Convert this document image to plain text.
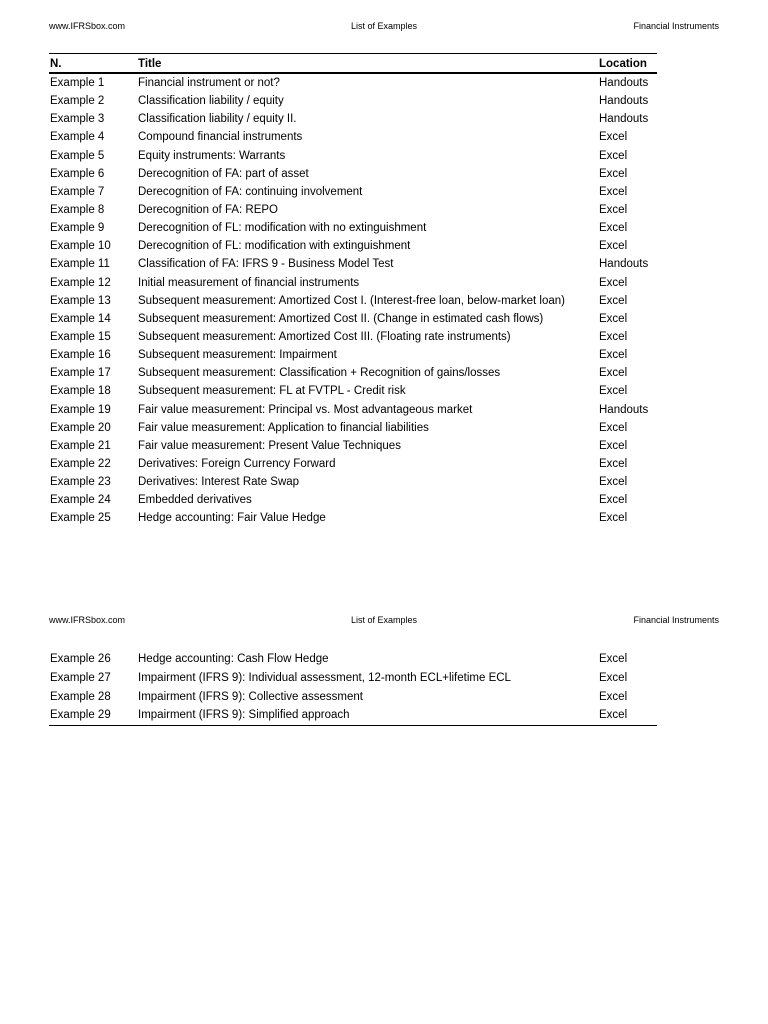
www.IFRSbox.com	List of Examples	Financial Instruments
N.	Title	Location
Example 1	Financial instrument or not?	Handouts
Example 2	Classification liability / equity	Handouts
Example 3	Classification liability / equity II.	Handouts
Example 4	Compound financial instruments	Excel
Example 5	Equity instruments: Warrants	Excel
Example 6	Derecognition of FA: part of asset	Excel
Example 7	Derecognition of FA: continuing involvement	Excel
Example 8	Derecognition of FA: REPO	Excel
Example 9	Derecognition of FL: modification with no extinguishment	Excel
Example 10 Derecognition of FL: modification with extinguishment	Excel
Example 11 Classification of FA: IFRS 9 - Business Model Test	Handouts
Example 12 Initial measurement of financial instruments	Excel
Example 13 Subsequent measurement: Amortized Cost I. (Interest-free loan, below-market loan)	Excel
Example 14 Subsequent measurement: Amortized Cost II. (Change in estimated cash flows)	Excel
Example 15 Subsequent measurement: Amortized Cost III. (Floating rate instruments)	Excel
Example 16 Subsequent measurement: Impairment	Excel
Example 17 Subsequent measurement: Classification + Recognition of gains/losses	Excel
Example 18 Subsequent measurement: FL at FVTPL - Credit risk	Excel
Example 19 Fair value measurement: Principal vs. Most advantageous market	Handouts
Example 20 Fair value measurement: Application to financial liabilities	Excel
Example 21 Fair value measurement: Present Value Techniques	Excel
Example 22 Derivatives: Foreign Currency Forward	Excel
Example 23 Derivatives: Interest Rate Swap	Excel
Example 24 Embedded derivatives	Excel
Example 25 Hedge accounting: Fair Value Hedge	Excel
www.IFRSbox.com	List of Examples	Financial Instruments
Example 26 Hedge accounting: Cash Flow Hedge	Excel
Example 27 Impairment (IFRS 9): Individual assessment, 12-month ECL+lifetime ECL	Excel
Example 28 Impairment (IFRS 9): Collective assessment	Excel
Example 29 Impairment (IFRS 9): Simplified approach	Excel
